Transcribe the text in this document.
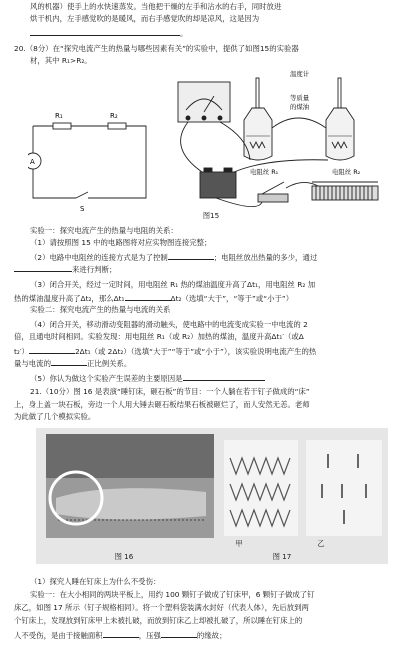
风的机器）使手上的水快速蒸发。当他把干燥的左手和沾水的右手，同时放进
烘干机内，左手感觉吹的是暖风，而右手感觉吹的却是凉风，这是因为
。
20.（8分）在“探究电流产生的热量与哪些因素有关”的实验中，提供了如图15的实验器
材，其中 R₁>R₂。
R₁	R₂
A
S
温度计
等质量
的煤油
电阻丝 R₁	电阻丝 R₂
图15
实验一：探究电流产生的热量与电阻的关系：
（1）请按照图 15 中的电路图将对应实物图连接完整；
（2）电路中电阻丝的连接方式是为了控制	；电阻丝放出热量的多少，通过
来进行判断；
（3）闭合开关，经过一定时间，用电阻丝 R₁ 热的煤油温度升高了Δt₁，用电阻丝 R₂ 加
热的煤油温度升高了Δt₂，那么Δt₁	Δt₂（选填“大于”，“等于”或“小于”）
实验二：探究电流产生的热量与电流的关系
（4）闭合开关，移动滑动变阻器的滑动触头，使电路中的电流变成实验一中电流的 2
倍，且通电时间相同。实验发现：用电阻丝 R₁（或 R₂）加热的煤油，温度升高Δt₁′（或Δ
t₂′）	2Δt₁（或 2Δt₂）（选填“大于”“等于”或“小于”），该实验说明电流产生的热
量与电流的	正比例关系。
（5）你认为做这个实验产生误差的主要原因是
21.（10分）图 16 是表演“睡钉床，砸石板”的节目：一个人躺在若干钉子做成的“床”
上，身上盖一块石板，旁边一个人用大锤去砸石板结果石板被砸烂了，而人安然无恙。老师
为此做了几个模拟实验。
甲	乙
图 16	图 17
（1）探究人睡在钉床上为什么不受伤：
实验一：在大小相同的两块平板上，用约 100 颗钉子做成了钉床甲，6 颗钉子做成了钉
床乙，如图 17 所示（钉子规格相同）。将一个塑料袋装满水封好（代表人体），先后放到两
个钉床上，发现放到钉床甲上未被扎破，而放到钉床乙上却被扎破了，所以睡在钉床上的
人不受伤，是由于接触面积	，压强	的缘故；
